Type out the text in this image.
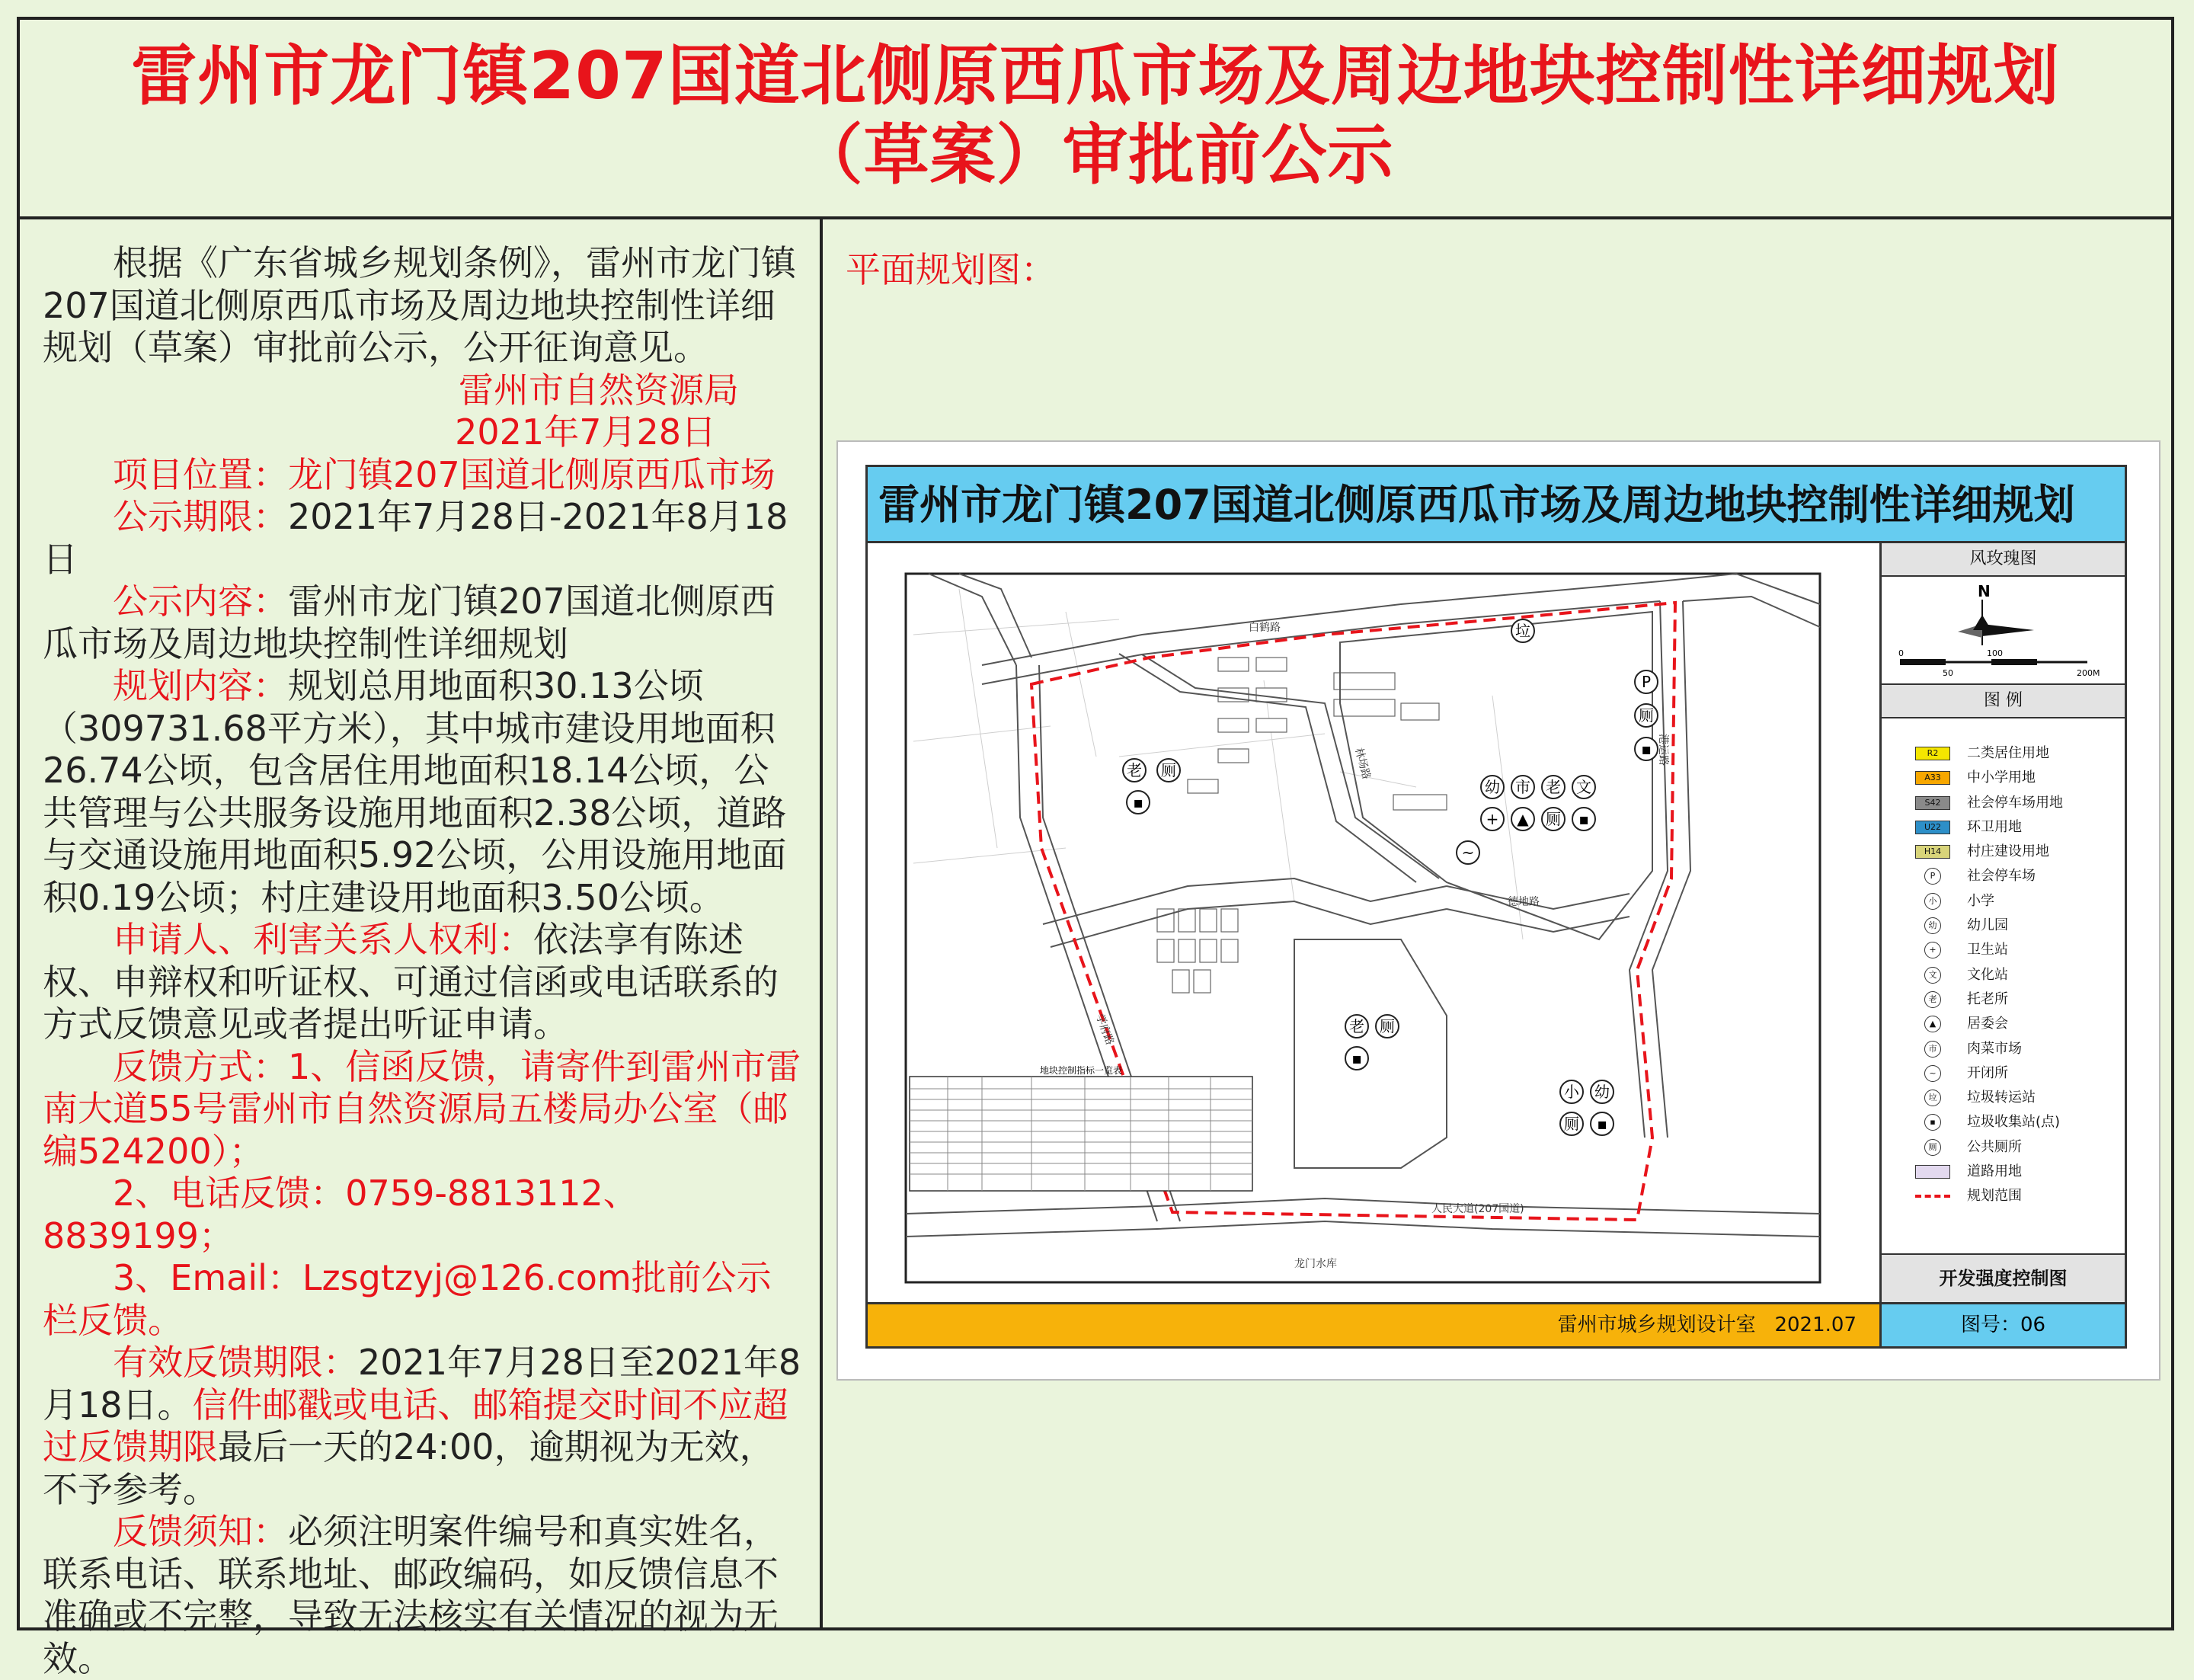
雷州市龙门镇207国道北侧原西瓜市场及周边地块控制性详细规划
（草案）审批前公示
根据《广东省城乡规划条例》，雷州市龙门镇207国道北侧原西瓜市场及周边地块控制性详细规划（草案）审批前公示，公开征询意见。
雷州市自然资源局
2021年7月28日
项目位置：龙门镇207国道北侧原西瓜市场
公示期限：2021年7月28日-2021年8月18日
公示内容：雷州市龙门镇207国道北侧原西瓜市场及周边地块控制性详细规划
规划内容：规划总用地面积30.13公顷（309731.68平方米），其中城市建设用地面积26.74公顷，包含居住用地面积18.14公顷，公共管理与公共服务设施用地面积2.38公顷，道路与交通设施用地面积5.92公顷，公用设施用地面积0.19公顷；村庄建设用地面积3.50公顷。
申请人、利害关系人权利：依法享有陈述权、申辩权和听证权、可通过信函或电话联系的方式反馈意见或者提出听证申请。
反馈方式：1、信函反馈，请寄件到雷州市雷南大道55号雷州市自然资源局五楼局办公室（邮编524200）；
2、电话反馈：0759-8813112、8839199；
3、Email：Lzsgtzyj@126.com批前公示栏反馈。
有效反馈期限：2021年7月28日至2021年8月18日。信件邮戳或电话、邮箱提交时间不应超过反馈期限最后一天的24:00，逾期视为无效，不予参考。
反馈须知：必须注明案件编号和真实姓名，联系电话、联系地址、邮政编码，如反馈信息不准确或不完整，导致无法核实有关情况的视为无效。
平面规划图：
雷州市龙门镇207国道北侧原西瓜市场及周边地块控制性详细规划
垃
P
厕
▪
老 厕
▪
幼 市 老 文
+ ▲ 厕 ▪
~
老 厕
▪
小 幼
厕 ▪
白鹤路
港运路
学府路
林场路
人民大道(207国道)
德地路
龙门水库
地块控制指标一览表
风玫瑰图
N
0
50
100
200M
图 例
R2	二类居住用地
A33	中小学用地
S42	社会停车场用地
U22	环卫用地
H14	村庄建设用地
P	社会停车场
小	小学
幼	幼儿园
+	卫生站
文	文化站
老	托老所
▲	居委会
市	肉菜市场
~	开闭所
垃	垃圾转运站
▪	垃圾收集站(点)
厕	公共厕所
道路用地
规划范围
开发强度控制图
雷州市城乡规划设计室 2021.07	图号：06
